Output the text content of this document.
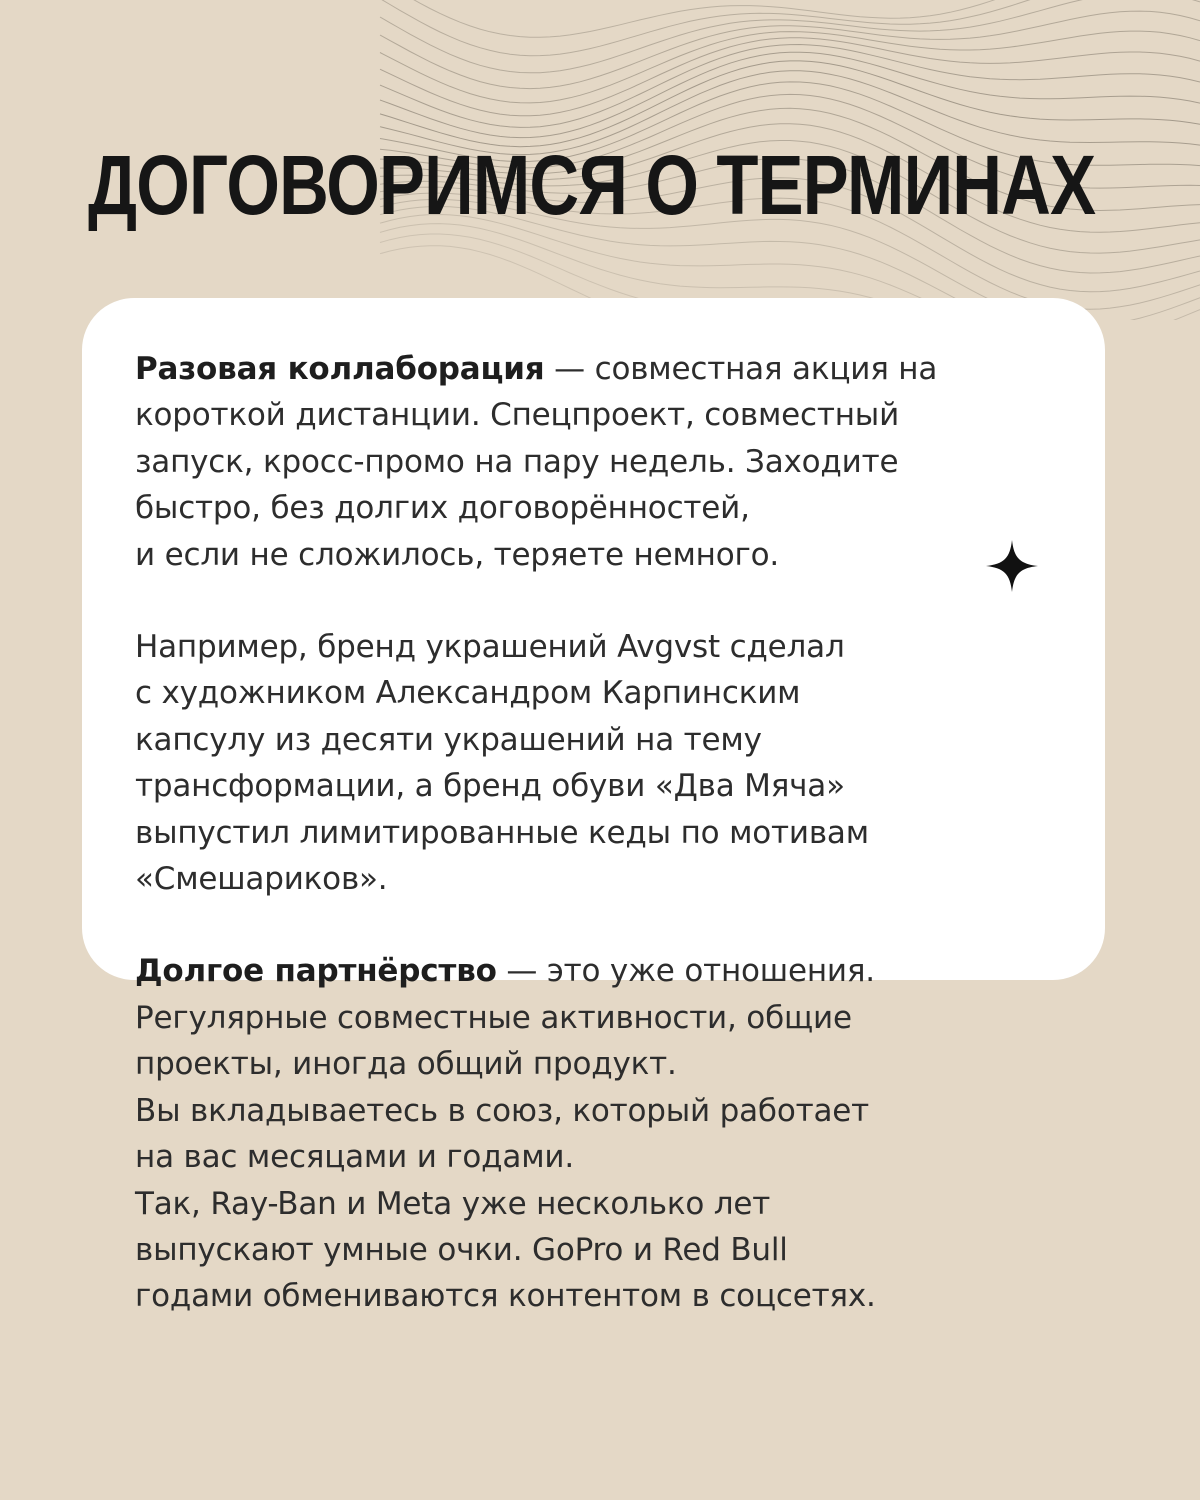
ДОГОВОРИМСЯ О ТЕРМИНАХ

Разовая коллаборация — совместная акция на
короткой дистанции. Спецпроект, совместный
запуск, кросс-промо на пару недель. Заходите
быстро, без долгих договорённостей,
и если не сложилось, теряете немного.

Например, бренд украшений Avgvst сделал
с художником Александром Карпинским
капсулу из десяти украшений на тему
трансформации, а бренд обуви «Два Мяча»
выпустил лимитированные кеды по мотивам
«Смешариков».

Долгое партнёрство — это уже отношения.
Регулярные совместные активности, общие
проекты, иногда общий продукт.
Вы вкладываетесь в союз, который работает
на вас месяцами и годами.
Так, Ray-Ban и Meta уже несколько лет
выпускают умные очки. GoPro и Red Bull
годами обмениваются контентом в соцсетях.
